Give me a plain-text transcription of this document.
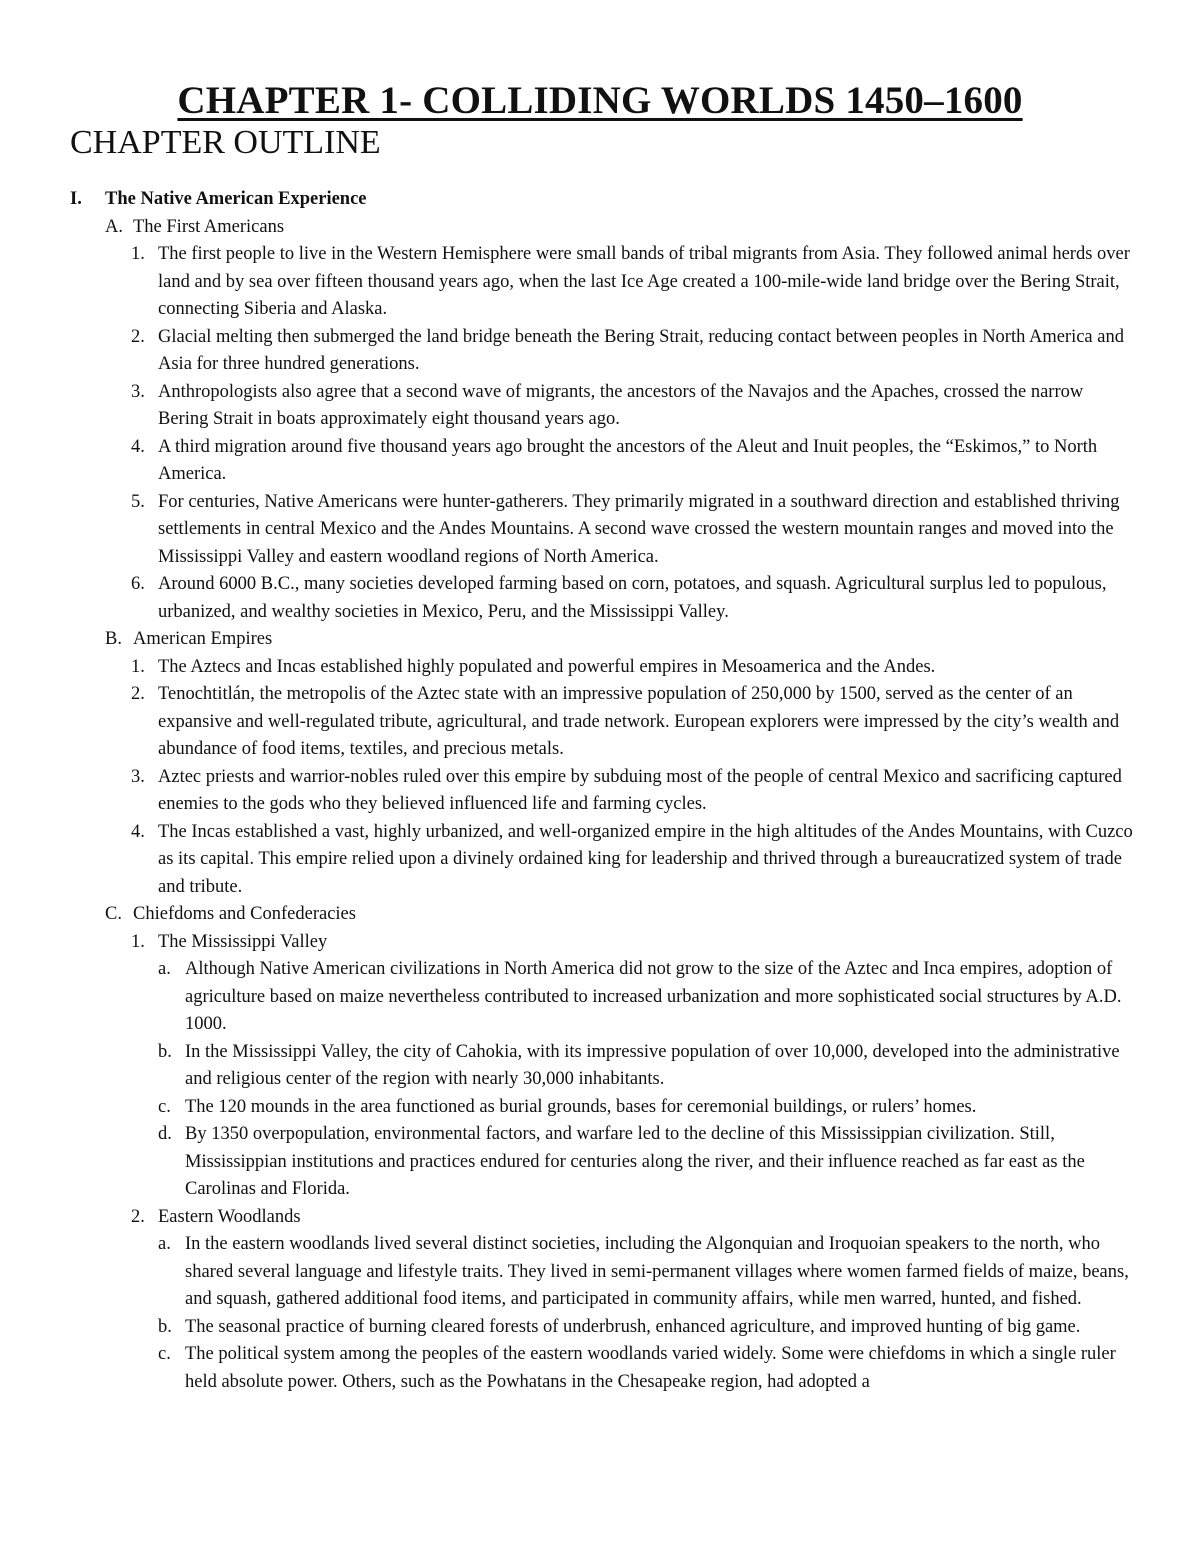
CHAPTER 1- COLLIDING WORLDS 1450–1600
CHAPTER OUTLINE
I. The Native American Experience
A. The First Americans
1. The first people to live in the Western Hemisphere were small bands of tribal migrants from Asia. They followed animal herds over land and by sea over fifteen thousand years ago, when the last Ice Age created a 100-mile-wide land bridge over the Bering Strait, connecting Siberia and Alaska.
2. Glacial melting then submerged the land bridge beneath the Bering Strait, reducing contact between peoples in North America and Asia for three hundred generations.
3. Anthropologists also agree that a second wave of migrants, the ancestors of the Navajos and the Apaches, crossed the narrow Bering Strait in boats approximately eight thousand years ago.
4. A third migration around five thousand years ago brought the ancestors of the Aleut and Inuit peoples, the “Eskimos,” to North America.
5. For centuries, Native Americans were hunter-gatherers. They primarily migrated in a southward direction and established thriving settlements in central Mexico and the Andes Mountains. A second wave crossed the western mountain ranges and moved into the Mississippi Valley and eastern woodland regions of North America.
6. Around 6000 B.C., many societies developed farming based on corn, potatoes, and squash. Agricultural surplus led to populous, urbanized, and wealthy societies in Mexico, Peru, and the Mississippi Valley.
B. American Empires
1. The Aztecs and Incas established highly populated and powerful empires in Mesoamerica and the Andes.
2. Tenochtitlán, the metropolis of the Aztec state with an impressive population of 250,000 by 1500, served as the center of an expansive and well-regulated tribute, agricultural, and trade network. European explorers were impressed by the city’s wealth and abundance of food items, textiles, and precious metals.
3. Aztec priests and warrior-nobles ruled over this empire by subduing most of the people of central Mexico and sacrificing captured enemies to the gods who they believed influenced life and farming cycles.
4. The Incas established a vast, highly urbanized, and well-organized empire in the high altitudes of the Andes Mountains, with Cuzco as its capital. This empire relied upon a divinely ordained king for leadership and thrived through a bureaucratized system of trade and tribute.
C. Chiefdoms and Confederacies
1. The Mississippi Valley
a. Although Native American civilizations in North America did not grow to the size of the Aztec and Inca empires, adoption of agriculture based on maize nevertheless contributed to increased urbanization and more sophisticated social structures by A.D. 1000.
b. In the Mississippi Valley, the city of Cahokia, with its impressive population of over 10,000, developed into the administrative and religious center of the region with nearly 30,000 inhabitants.
c. The 120 mounds in the area functioned as burial grounds, bases for ceremonial buildings, or rulers’ homes.
d. By 1350 overpopulation, environmental factors, and warfare led to the decline of this Mississippian civilization. Still, Mississippian institutions and practices endured for centuries along the river, and their influence reached as far east as the Carolinas and Florida.
2. Eastern Woodlands
a. In the eastern woodlands lived several distinct societies, including the Algonquian and Iroquoian speakers to the north, who shared several language and lifestyle traits. They lived in semi-permanent villages where women farmed fields of maize, beans, and squash, gathered additional food items, and participated in community affairs, while men warred, hunted, and fished.
b. The seasonal practice of burning cleared forests of underbrush, enhanced agriculture, and improved hunting of big game.
c. The political system among the peoples of the eastern woodlands varied widely. Some were chiefdoms in which a single ruler held absolute power. Others, such as the Powhatans in the Chesapeake region, had adopted a
